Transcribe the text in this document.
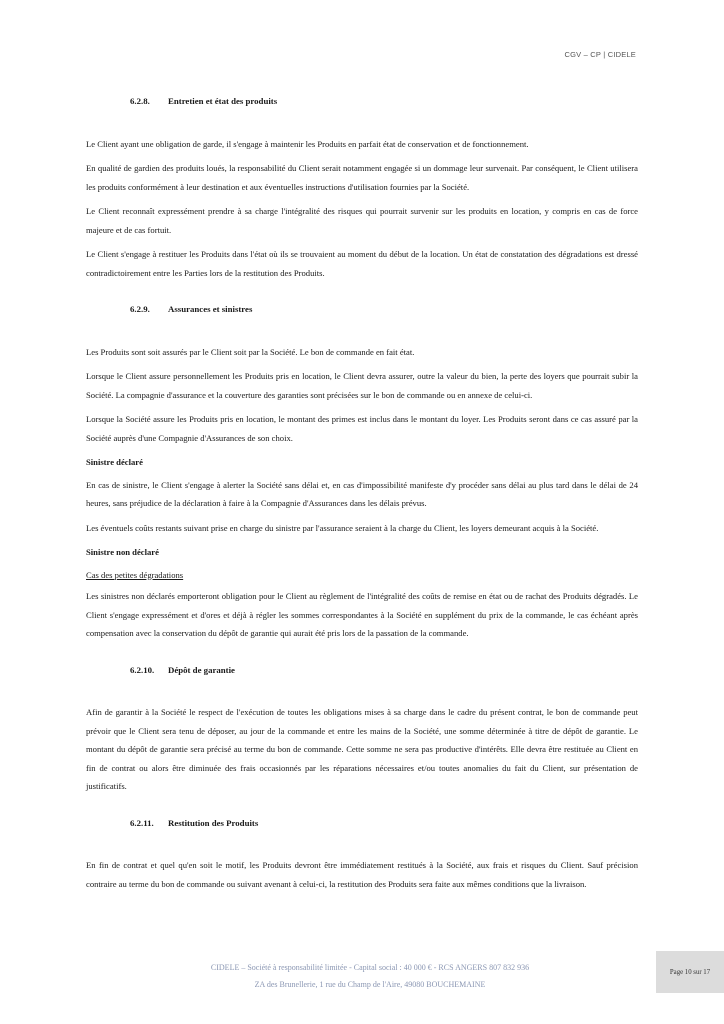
CGV – CP | CIDELE
6.2.8. Entretien et état des produits

Le Client ayant une obligation de garde, il s'engage à maintenir les Produits en parfait état de conservation et de fonctionnement.

En qualité de gardien des produits loués, la responsabilité du Client serait notamment engagée si un dommage leur survenait. Par conséquent, le Client utilisera les produits conformément à leur destination et aux éventuelles instructions d'utilisation fournies par la Société.

Le Client reconnaît expressément prendre à sa charge l'intégralité des risques qui pourrait survenir sur les produits en location, y compris en cas de force majeure et de cas fortuit.

Le Client s'engage à restituer les Produits dans l'état où ils se trouvaient au moment du début de la location. Un état de constatation des dégradations est dressé contradictoirement entre les Parties lors de la restitution des Produits.

6.2.9. Assurances et sinistres

Les Produits sont soit assurés par le Client soit par la Société. Le bon de commande en fait état.

Lorsque le Client assure personnellement les Produits pris en location, le Client devra assurer, outre la valeur du bien, la perte des loyers que pourrait subir la Société. La compagnie d'assurance et la couverture des garanties sont précisées sur le bon de commande ou en annexe de celui-ci.

Lorsque la Société assure les Produits pris en location, le montant des primes est inclus dans le montant du loyer. Les Produits seront dans ce cas assuré par la Société auprès d'une Compagnie d'Assurances de son choix.

Sinistre déclaré

En cas de sinistre, le Client s'engage à alerter la Société sans délai et, en cas d'impossibilité manifeste d'y procéder sans délai au plus tard dans le délai de 24 heures, sans préjudice de la déclaration à faire à la Compagnie d'Assurances dans les délais prévus.

Les éventuels coûts restants suivant prise en charge du sinistre par l'assurance seraient à la charge du Client, les loyers demeurant acquis à la Société.

Sinistre non déclaré
Cas des petites dégradations

Les sinistres non déclarés emporteront obligation pour le Client au règlement de l'intégralité des coûts de remise en état ou de rachat des Produits dégradés. Le Client s'engage expressément et d'ores et déjà à régler les sommes correspondantes à la Société en supplément du prix de la commande, le cas échéant après compensation avec la conservation du dépôt de garantie qui aurait été pris lors de la passation de la commande.

6.2.10. Dépôt de garantie

Afin de garantir à la Société le respect de l'exécution de toutes les obligations mises à sa charge dans le cadre du présent contrat, le bon de commande peut prévoir que le Client sera tenu de déposer, au jour de la commande et entre les mains de la Société, une somme déterminée à titre de dépôt de garantie. Le montant du dépôt de garantie sera précisé au terme du bon de commande. Cette somme ne sera pas productive d'intérêts. Elle devra être restituée au Client en fin de contrat ou alors être diminuée des frais occasionnés par les réparations nécessaires et/ou toutes anomalies du fait du Client, sur présentation de justificatifs.

6.2.11. Restitution des Produits

En fin de contrat et quel qu'en soit le motif, les Produits devront être immédiatement restitués à la Société, aux frais et risques du Client. Sauf précision contraire au terme du bon de commande ou suivant avenant à celui-ci, la restitution des Produits sera faite aux mêmes conditions que la livraison.

CIDELE – Société à responsabilité limitée - Capital social : 40 000 € - RCS ANGERS 807 832 936
ZA des Brunellerie, 1 rue du Champ de l'Aire, 49080 BOUCHEMAINE
Page 10 sur 17
